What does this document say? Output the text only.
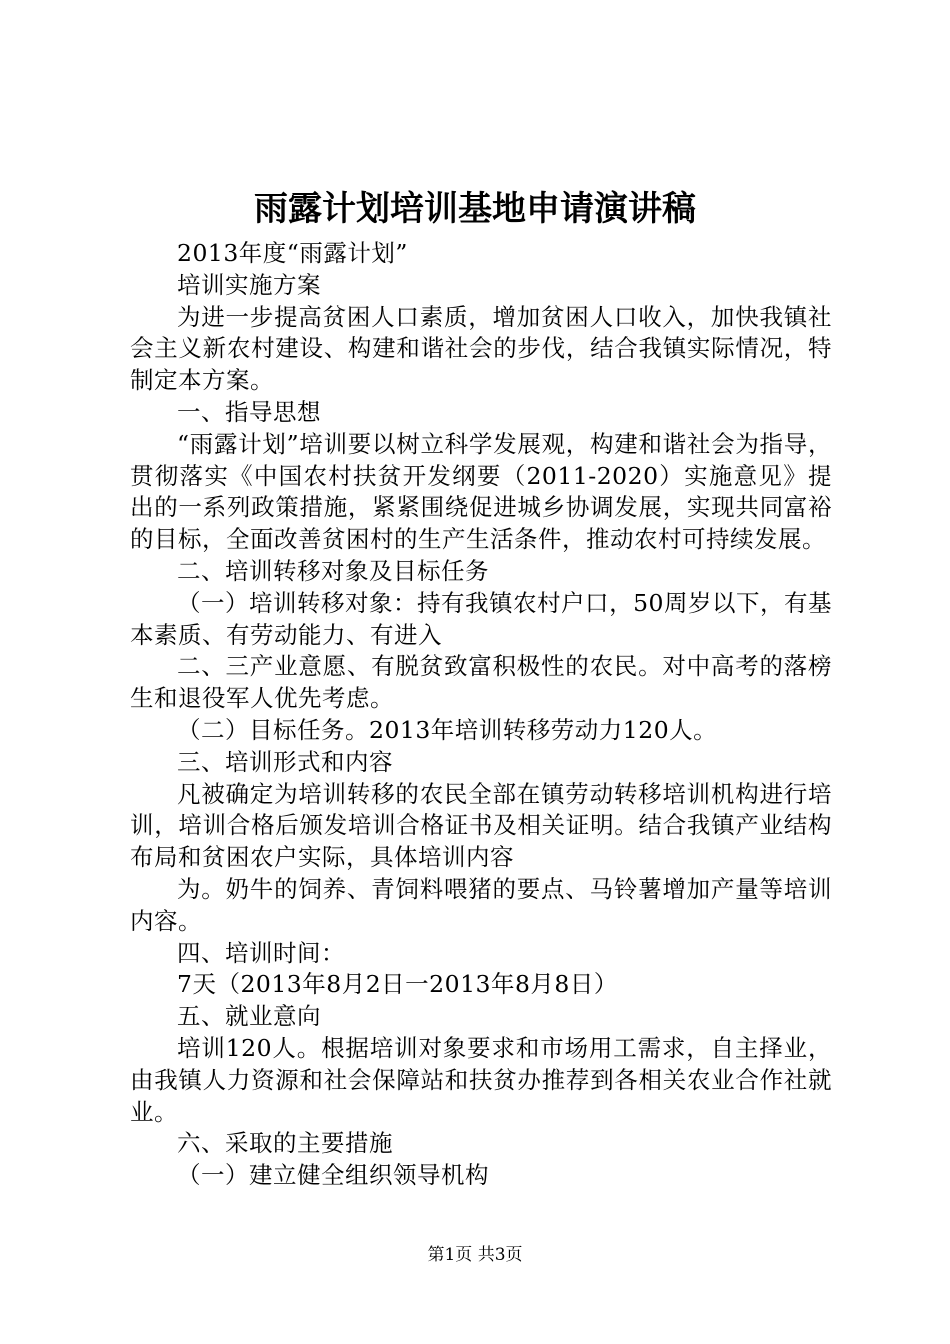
雨露计划培训基地申请演讲稿

2013年度“雨露计划”

培训实施方案

为进一步提高贫困人口素质，增加贫困人口收入，加快我镇社会主义新农村建设、构建和谐社会的步伐，结合我镇实际情况，特制定本方案。

一、指导思想

“雨露计划”培训要以树立科学发展观，构建和谐社会为指导，贯彻落实《中国农村扶贫开发纲要（2011-2020）实施意见》提出的一系列政策措施，紧紧围绕促进城乡协调发展，实现共同富裕的目标，全面改善贫困村的生产生活条件，推动农村可持续发展。

二、培训转移对象及目标任务

（一）培训转移对象：持有我镇农村户口，50周岁以下，有基本素质、有劳动能力、有进入

二、三产业意愿、有脱贫致富积极性的农民。对中高考的落榜生和退役军人优先考虑。

（二）目标任务。2013年培训转移劳动力120人。

三、培训形式和内容

凡被确定为培训转移的农民全部在镇劳动转移培训机构进行培训，培训合格后颁发培训合格证书及相关证明。结合我镇产业结构布局和贫困农户实际，具体培训内容

为。奶牛的饲养、青饲料喂猪的要点、马铃薯增加产量等培训内容。

四、培训时间：

7天（2013年8月2日一2013年8月8日）

五、就业意向

培训120人。根据培训对象要求和市场用工需求，自主择业，由我镇人力资源和社会保障站和扶贫办推荐到各相关农业合作社就业。

六、采取的主要措施

（一）建立健全组织领导机构

第1页 共3页
